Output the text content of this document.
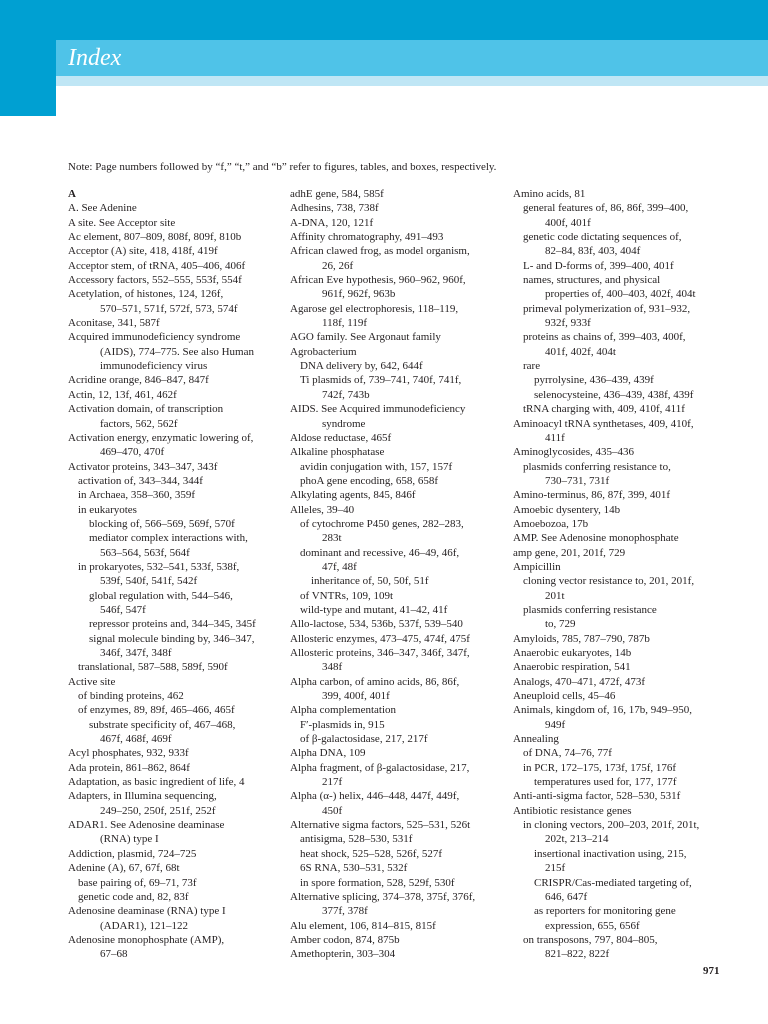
Index
Note: Page numbers followed by “f,” “t,” and “b” refer to figures, tables, and boxes, respectively.
A
A. See Adenine
A site. See Acceptor site
Ac element, 807–809, 808f, 809f, 810b
Acceptor (A) site, 418, 418f, 419f
Acceptor stem, of tRNA, 405–406, 406f
Accessory factors, 552–555, 553f, 554f
Acetylation, of histones, 124, 126f,
570–571, 571f, 572f, 573, 574f
Aconitase, 341, 587f
Acquired immunodeficiency syndrome
(AIDS), 774–775. See also Human
immunodeficiency virus
Acridine orange, 846–847, 847f
Actin, 12, 13f, 461, 462f
Activation domain, of transcription
factors, 562, 562f
Activation energy, enzymatic lowering of,
469–470, 470f
Activator proteins, 343–347, 343f
activation of, 343–344, 344f
in Archaea, 358–360, 359f
in eukaryotes
blocking of, 566–569, 569f, 570f
mediator complex interactions with,
563–564, 563f, 564f
in prokaryotes, 532–541, 533f, 538f,
539f, 540f, 541f, 542f
global regulation with, 544–546,
546f, 547f
repressor proteins and, 344–345, 345f
signal molecule binding by, 346–347,
346f, 347f, 348f
translational, 587–588, 589f, 590f
Active site
of binding proteins, 462
of enzymes, 89, 89f, 465–466, 465f
substrate specificity of, 467–468,
467f, 468f, 469f
Acyl phosphates, 932, 933f
Ada protein, 861–862, 864f
Adaptation, as basic ingredient of life, 4
Adapters, in Illumina sequencing,
249–250, 250f, 251f, 252f
ADAR1. See Adenosine deaminase
(RNA) type I
Addiction, plasmid, 724–725
Adenine (A), 67, 67f, 68t
base pairing of, 69–71, 73f
genetic code and, 82, 83f
Adenosine deaminase (RNA) type I
(ADAR1), 121–122
Adenosine monophosphate (AMP),
67–68
adhE gene, 584, 585f
Adhesins, 738, 738f
A-DNA, 120, 121f
Affinity chromatography, 491–493
African clawed frog, as model organism,
26, 26f
African Eve hypothesis, 960–962, 960f,
961f, 962f, 963b
Agarose gel electrophoresis, 118–119,
118f, 119f
AGO family. See Argonaut family
Agrobacterium
DNA delivery by, 642, 644f
Ti plasmids of, 739–741, 740f, 741f,
742f, 743b
AIDS. See Acquired immunodeficiency
syndrome
Aldose reductase, 465f
Alkaline phosphatase
avidin conjugation with, 157, 157f
phoA gene encoding, 658, 658f
Alkylating agents, 845, 846f
Alleles, 39–40
of cytochrome P450 genes, 282–283,
283t
dominant and recessive, 46–49, 46f,
47f, 48f
inheritance of, 50, 50f, 51f
of VNTRs, 109, 109t
wild-type and mutant, 41–42, 41f
Allo-lactose, 534, 536b, 537f, 539–540
Allosteric enzymes, 473–475, 474f, 475f
Allosteric proteins, 346–347, 346f, 347f,
348f
Alpha carbon, of amino acids, 86, 86f,
399, 400f, 401f
Alpha complementation
F′-plasmids in, 915
of β-galactosidase, 217, 217f
Alpha DNA, 109
Alpha fragment, of β-galactosidase, 217,
217f
Alpha (α-) helix, 446–448, 447f, 449f,
450f
Alternative sigma factors, 525–531, 526t
antisigma, 528–530, 531f
heat shock, 525–528, 526f, 527f
6S RNA, 530–531, 532f
in spore formation, 528, 529f, 530f
Alternative splicing, 374–378, 375f, 376f,
377f, 378f
Alu element, 106, 814–815, 815f
Amber codon, 874, 875b
Amethopterin, 303–304
Amino acids, 81
general features of, 86, 86f, 399–400,
400f, 401f
genetic code dictating sequences of,
82–84, 83f, 403, 404f
L- and D-forms of, 399–400, 401f
names, structures, and physical
properties of, 400–403, 402f, 404t
primeval polymerization of, 931–932,
932f, 933f
proteins as chains of, 399–403, 400f,
401f, 402f, 404t
rare
pyrrolysine, 436–439, 439f
selenocysteine, 436–439, 438f, 439f
tRNA charging with, 409, 410f, 411f
Aminoacyl tRNA synthetases, 409, 410f,
411f
Aminoglycosides, 435–436
plasmids conferring resistance to,
730–731, 731f
Amino-terminus, 86, 87f, 399, 401f
Amoebic dysentery, 14b
Amoebozoa, 17b
AMP. See Adenosine monophosphate
amp gene, 201, 201f, 729
Ampicillin
cloning vector resistance to, 201, 201f,
201t
plasmids conferring resistance
to, 729
Amyloids, 785, 787–790, 787b
Anaerobic eukaryotes, 14b
Anaerobic respiration, 541
Analogs, 470–471, 472f, 473f
Aneuploid cells, 45–46
Animals, kingdom of, 16, 17b, 949–950,
949f
Annealing
of DNA, 74–76, 77f
in PCR, 172–175, 173f, 175f, 176f
temperatures used for, 177, 177f
Anti-anti-sigma factor, 528–530, 531f
Antibiotic resistance genes
in cloning vectors, 200–203, 201f, 201t,
202t, 213–214
insertional inactivation using, 215,
215f
CRISPR/Cas-mediated targeting of,
646, 647f
as reporters for monitoring gene
expression, 655, 656f
on transposons, 797, 804–805,
821–822, 822f
971
